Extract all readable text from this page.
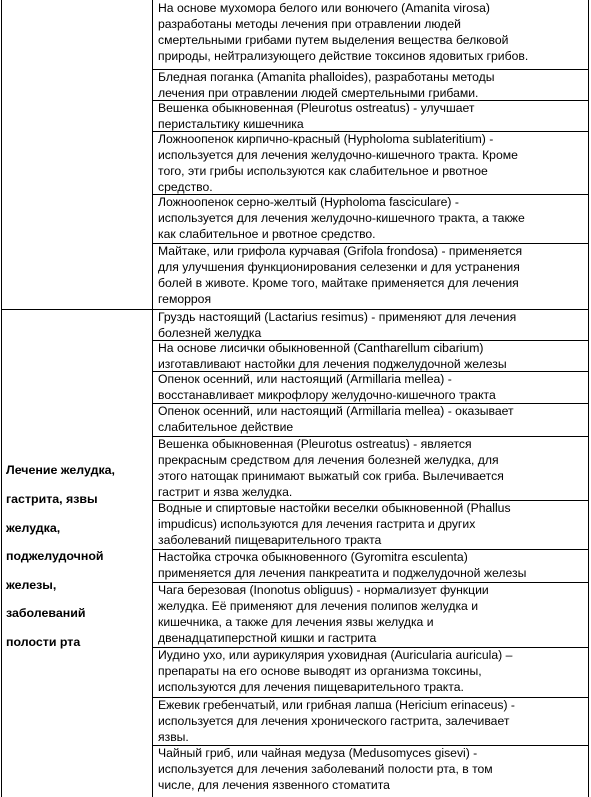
Лечение желудка,

гастрита, язвы

желудка,

поджелудочной

железы,

заболеваний

полости рта

На основе мухомора белого или вонючего (Amanita virosa)

разработаны методы лечения при отравлении людей

смертельными грибами путем выделения вещества белковой

природы, нейтрализующего действие токсинов ядовитых грибов.

Бледная поганка (Amanita phalloides), разработаны методы

лечения при отравлении людей смертельными грибами.

Вешенка обыкновенная (Pleurotus ostreatus) - улучшает

перистальтику кишечника

Ложноопенок кирпично-красный (Hypholoma sublateritium) -

используется для лечения желудочно-кишечного тракта. Кроме

того, эти грибы используются как слабительное и рвотное

средство.

Ложноопенок серно-желтый (Hypholoma fasciculare) -

используется для лечения желудочно-кишечного тракта, а также

как слабительное и рвотное средство.

Майтаке, или грифола курчавая (Grifola frondosa) - применяется

для улучшения функционирования селезенки и для устранения

болей в животе. Кроме того, майтаке применяется для лечения

геморроя

Груздь настоящий (Lactarius resimus) - применяют для лечения

болезней желудка

На основе лисички обыкновенной (Cantharellum cibarium)

изготавливают настойки для лечения поджелудочной железы

Опенок осенний, или настоящий (Armillaria mellea) -

восстанавливает микрофлору желудочно-кишечного тракта

Опенок осенний, или настоящий (Armillaria mellea) - оказывает

слабительное действие

Вешенка обыкновенная (Pleurotus ostreatus) - является

прекрасным средством для лечения болезней желудка, для

этого натощак принимают выжатый сок гриба. Вылечивается

гастрит и язва желудка.

Водные и спиртовые настойки веселки обыкновенной (Phallus

impudicus) используются для лечения гастрита и других

заболеваний пищеварительного тракта

Настойка строчка обыкновенного (Gyromitra esculenta)

применяется для лечения панкреатита и поджелудочной железы

Чага березовая (Inonotus obliguus) - нормализует функции

желудка. Её применяют для лечения полипов желудка и

кишечника, а также для лечения язвы желудка и

двенадцатиперстной кишки и гастрита

Иудино ухо, или аурикулярия уховидная (Auricularia auricula) –

препараты на его основе выводят из организма токсины,

используются для лечения пищеварительного тракта.

Ежевик гребенчатый, или грибная лапша (Hericium erinaceus) -

используется для лечения хронического гастрита, залечивает

язвы.

Чайный гриб, или чайная медуза (Medusomyces gisevi) -

используется для лечения заболеваний полости рта, в том

числе, для лечения язвенного стоматита
